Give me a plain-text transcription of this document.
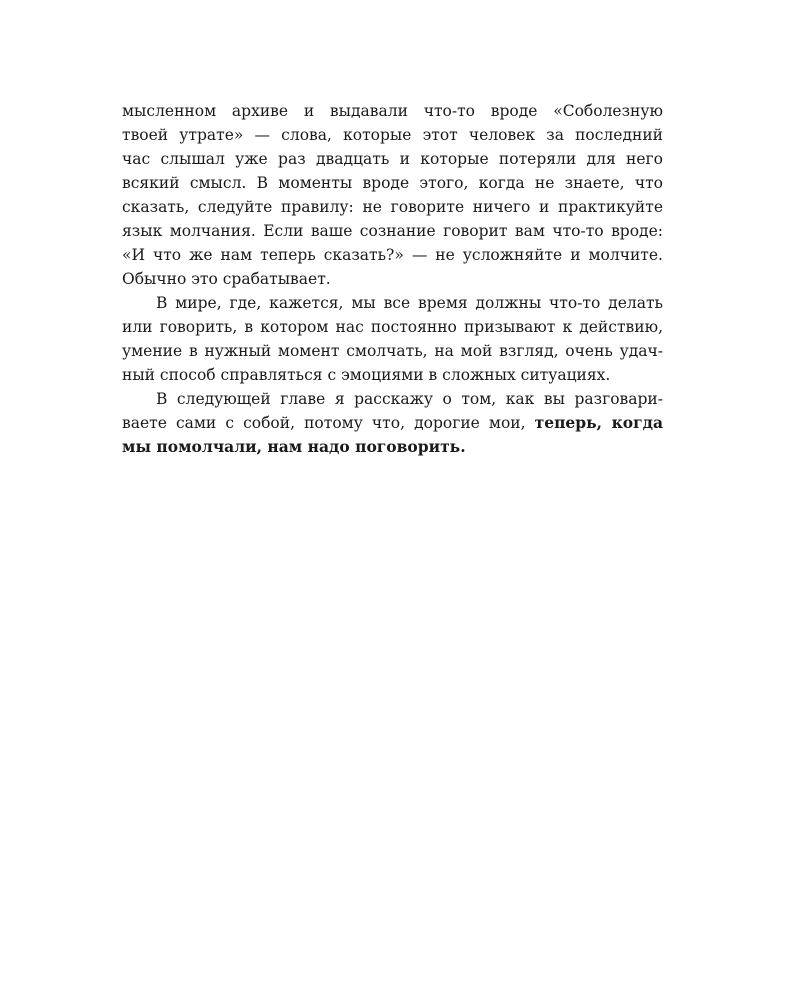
мысленном архиве и выдавали что-то вроде «Соболезную
твоей утрате» — слова, которые этот человек за последний
час слышал уже раз двадцать и которые потеряли для него
всякий смысл. В моменты вроде этого, когда не знаете, что
сказать, следуйте правилу: не говорите ничего и практикуйте
язык молчания. Если ваше сознание говорит вам что-то вроде:
«И что же нам теперь сказать?» — не усложняйте и молчите.
Обычно это срабатывает.
В мире, где, кажется, мы все время должны что-то делать
или говорить, в котором нас постоянно призывают к действию,
умение в нужный момент смолчать, на мой взгляд, очень удач-
ный способ справляться с эмоциями в сложных ситуациях.
В следующей главе я расскажу о том, как вы разговари-
ваете сами с собой, потому что, дорогие мои, теперь, когда
мы помолчали, нам надо поговорить.
